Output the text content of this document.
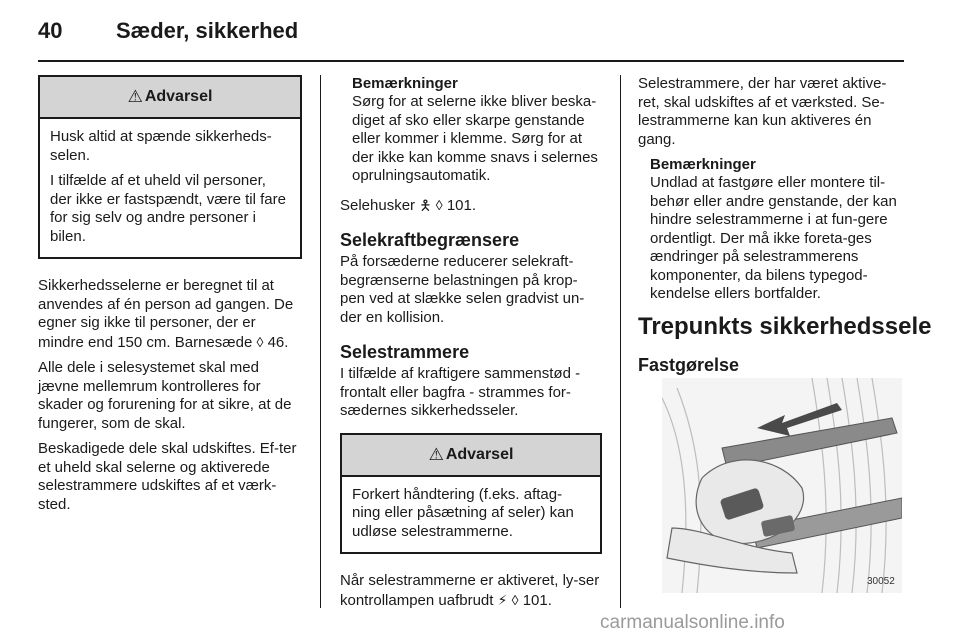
40 Sæder, sikkerhed
⚠ Advarsel

Husk altid at spænde sikkerheds-selen.

I tilfælde af et uheld vil personer, der ikke er fastspændt, være til fare for sig selv og andre personer i bilen.

Sikkerhedsselerne er beregnet til at anvendes af én person ad gangen. De egner sig ikke til personer, der er mindre end 150 cm. Barnesæde ◊ 46.

Alle dele i selesystemet skal med jævne mellemrum kontrolleres for skader og forurening for at sikre, at de fungerer, som de skal.

Beskadigede dele skal udskiftes. Ef-ter et uheld skal selerne og aktiverede selestrammere udskiftes af et værk-sted.

Bemærkninger

Sørg for at selerne ikke bliver beska-diget af sko eller skarpe genstande eller kommer i klemme. Sørg for at der ikke kan komme snavs i selernes oprulningsautomatik.

Selehusker 🯅 ◊ 101.

Selekraftbegrænsere

På forsæderne reducerer selekraft-begrænserne belastningen på krop-pen ved at slække selen gradvist un-der en kollision.

Selestrammere

I tilfælde af kraftigere sammenstød - frontalt eller bagfra - strammes for-sædernes sikkerhedsseler.

⚠ Advarsel

Forkert håndtering (f.eks. aftag-ning eller påsætning af seler) kan udløse selestrammerne.

Når selestrammerne er aktiveret, ly-ser kontrollampen uafbrudt ⚡ ◊ 101.

Selestrammere, der har været aktive-ret, skal udskiftes af et værksted. Se-lestrammerne kan kun aktiveres én gang.

Bemærkninger

Undlad at fastgøre eller montere til-behør eller andre genstande, der kan hindre selestrammerne i at fun-gere ordentligt. Der må ikke foreta-ges ændringer på selestrammerens komponenter, da bilens typegod-kendelse ellers bortfalder.

Trepunkts sikkerhedssele
Fastgørelse
30052
carmanualsonline.info
